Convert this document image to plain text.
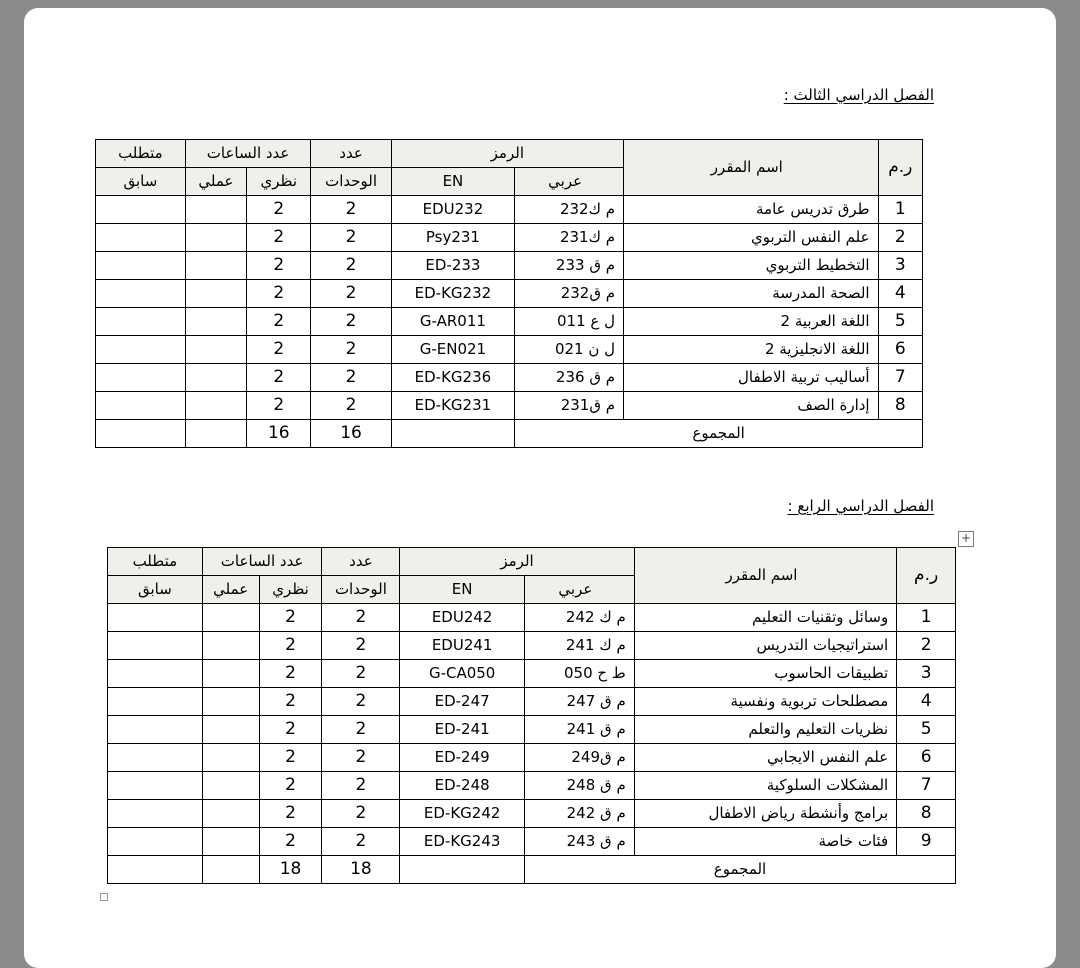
الفصل الدراسي الثالث :
ر.م	اسم المقرر	الرمز		عدد	عدد الساعات		متطلب
		عربي	EN	الوحدات	نظري	عملي	سابق
1	طرق تدريس عامة	م ك232	EDU232	2	2		
2	علم النفس التربوي	م ك231	Psy231	2	2		
3	التخطيط التربوي	م ق 233	ED-233	2	2		
4	الصحة المدرسة	م ق232	ED-KG232	2	2		
5	اللغة العربية 2	ل ع 011	G-AR011	2	2		
6	اللغة الانجليزية 2	ل ن 021	G-EN021	2	2		
7	أساليب تربية الاطفال	م ق 236	ED-KG236	2	2		
8	إدارة الصف	م ق231	ED-KG231	2	2		
المجموع				16	16		
الفصل الدراسي الرابع :
+
ر.م	اسم المقرر	الرمز		عدد	عدد الساعات		متطلب
		عربي	EN	الوحدات	نظري	عملي	سابق
1	وسائل وتقنيات التعليم	م ك 242	EDU242	2	2		
2	استراتيجيات التدريس	م ك 241	EDU241	2	2		
3	تطبيقات الحاسوب	ط ح 050	G-CA050	2	2		
4	مصطلحات تربوية ونفسية	م ق 247	ED-247	2	2		
5	نظريات التعليم والتعلم	م ق 241	ED-241	2	2		
6	علم النفس الايجابي	م ق249	ED-249	2	2		
7	المشكلات السلوكية	م ق 248	ED-248	2	2		
8	برامج وأنشطة رياض الاطفال	م ق 242	ED-KG242	2	2		
9	فئات خاصة	م ق 243	ED-KG243	2	2		
المجموع				18	18		
